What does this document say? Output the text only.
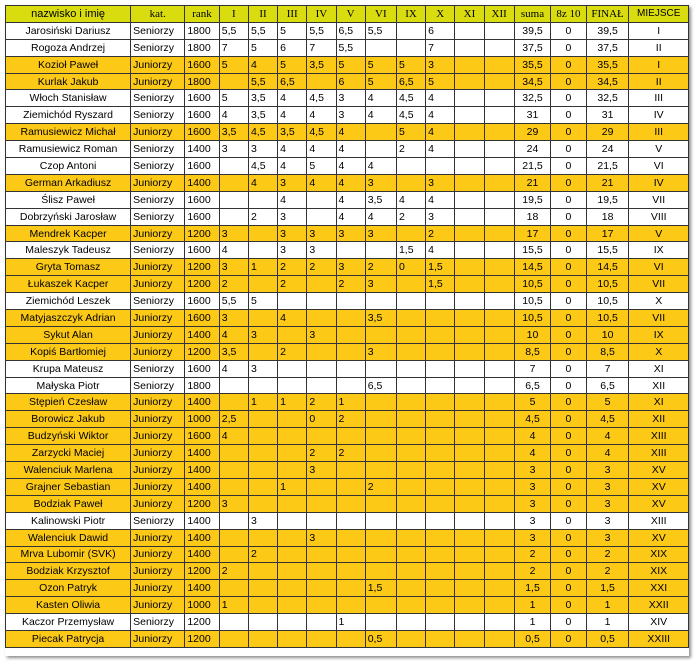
nazwisko i imię	kat.	rank	I	II	III	IV	V	VI	IX	X	XI	XII	suma	8z 10	FINAŁ	MIEJSCE
Jarosiński Dariusz	Seniorzy	1800	5,5	5,5	5	5,5	6,5	5,5		6			39,5	0	39,5	I
Rogoza Andrzej	Seniorzy	1800	7	5	6	7	5,5			7			37,5	0	37,5	II
Kozioł Paweł	Juniorzy	1600	5	4	5	3,5	5	5	5	3			35,5	0	35,5	I
Kurlak Jakub	Juniorzy	1800		5,5	6,5		6	5	6,5	5			34,5	0	34,5	II
Włoch Stanisław	Seniorzy	1600	5	3,5	4	4,5	3	4	4,5	4			32,5	0	32,5	III
Ziemichód Ryszard	Seniorzy	1600	4	3,5	4	4	3	4	4,5	4			31	0	31	IV
Ramusiewicz Michał	Juniorzy	1600	3,5	4,5	3,5	4,5	4		5	4			29	0	29	III
Ramusiewicz Roman	Seniorzy	1400	3	3	4	4	4		2	4			24	0	24	V
Czop Antoni	Seniorzy	1600		4,5	4	5	4	4					21,5	0	21,5	VI
German Arkadiusz	Juniorzy	1400		4	3	4	4	3		3			21	0	21	IV
Ślisz Paweł	Seniorzy	1600			4		4	3,5	4	4			19,5	0	19,5	VII
Dobrzyński Jarosław	Seniorzy	1600		2	3		4	4	2	3			18	0	18	VIII
Mendrek Kacper	Juniorzy	1200	3		3	3	3	3		2			17	0	17	V
Maleszyk Tadeusz	Seniorzy	1600	4		3	3			1,5	4			15,5	0	15,5	IX
Gryta Tomasz	Juniorzy	1200	3	1	2	2	3	2	0	1,5			14,5	0	14,5	VI
Łukaszek Kacper	Juniorzy	1200	2		2		2	3		1,5			10,5	0	10,5	VII
Ziemichód Leszek	Seniorzy	1600	5,5	5									10,5	0	10,5	X
Matyjaszczyk Adrian	Juniorzy	1600	3		4			3,5					10,5	0	10,5	VII
Sykut Alan	Juniorzy	1400	4	3		3							10	0	10	IX
Kopiś Bartłomiej	Juniorzy	1200	3,5		2			3					8,5	0	8,5	X
Krupa Mateusz	Seniorzy	1600	4	3									7	0	7	XI
Małyska Piotr	Seniorzy	1800						6,5					6,5	0	6,5	XII
Stępień Czesław	Juniorzy	1400		1	1	2	1						5	0	5	XI
Borowicz Jakub	Juniorzy	1000	2,5			0	2						4,5	0	4,5	XII
Budzyński Wiktor	Juniorzy	1600	4										4	0	4	XIII
Zarzycki Maciej	Juniorzy	1400				2	2						4	0	4	XIII
Walenciuk Marlena	Juniorzy	1400				3							3	0	3	XV
Grajner Sebastian	Juniorzy	1400			1			2					3	0	3	XV
Bodziak Paweł	Juniorzy	1200	3										3	0	3	XV
Kalinowski Piotr	Seniorzy	1400		3									3	0	3	XIII
Walenciuk Dawid	Juniorzy	1400				3							3	0	3	XV
Mrva Lubomir (SVK)	Juniorzy	1400		2									2	0	2	XIX
Bodziak Krzysztof	Juniorzy	1200	2										2	0	2	XIX
Ozon Patryk	Juniorzy	1400						1,5					1,5	0	1,5	XXI
Kasten Oliwia	Juniorzy	1000	1										1	0	1	XXII
Kaczor Przemysław	Seniorzy	1200					1						1	0	1	XIV
Piecak Patrycja	Juniorzy	1200						0,5					0,5	0	0,5	XXIII
